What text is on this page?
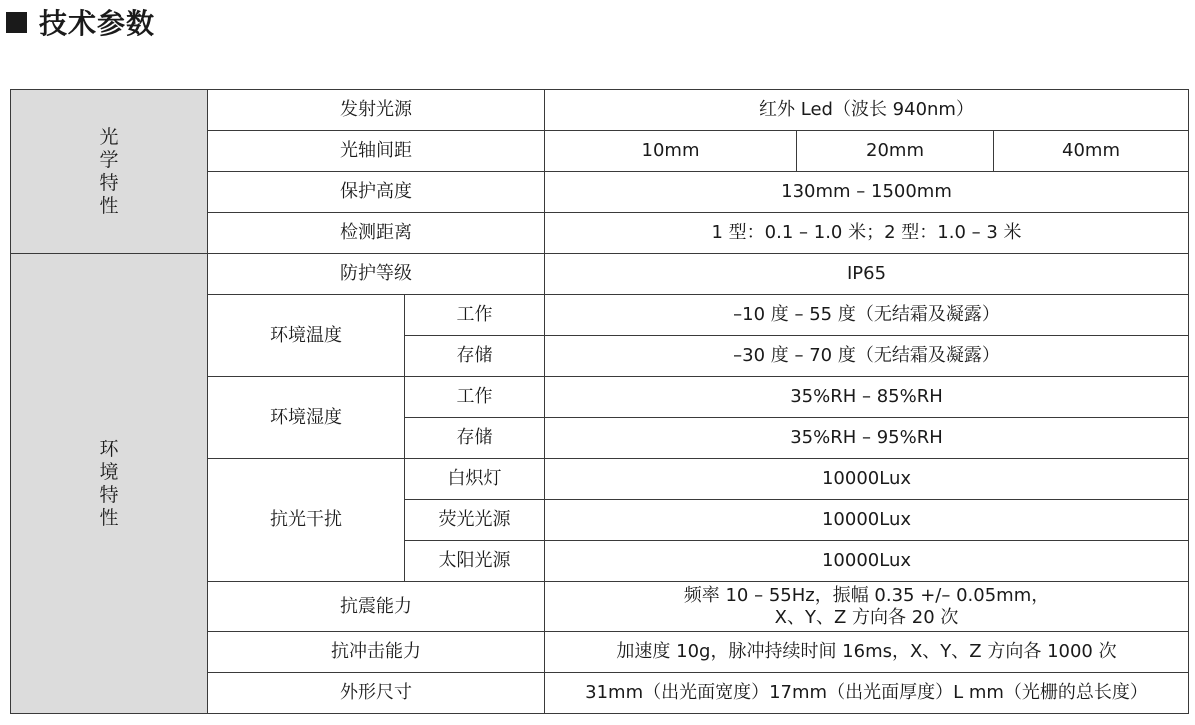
技术参数
光学特性	发射光源		红外 Led（波长 940nm）		
	光轴间距		10mm	20mm	40mm
	保护高度		130mm – 1500mm		
	检测距离		1 型：0.1 – 1.0 米；2 型：1.0 – 3 米		
环境特性	防护等级		IP65		
	环境温度	工作	–10 度 – 55 度（无结霜及凝露）		
		存储	–30 度 – 70 度（无结霜及凝露）		
	环境湿度	工作	35%RH – 85%RH		
		存储	35%RH – 95%RH		
	抗光干扰	白炽灯	10000Lux		
		荧光光源	10000Lux		
		太阳光源	10000Lux		
	抗震能力		频率 10 – 55Hz，振幅 0.35 +/– 0.05mm，
X、Y、Z 方向各 20 次		

	抗冲击能力		加速度 10g，脉冲持续时间 16ms，X、Y、Z 方向各 1000 次		
	外形尺寸		31mm（出光面宽度）17mm（出光面厚度）L mm（光栅的总长度）		
